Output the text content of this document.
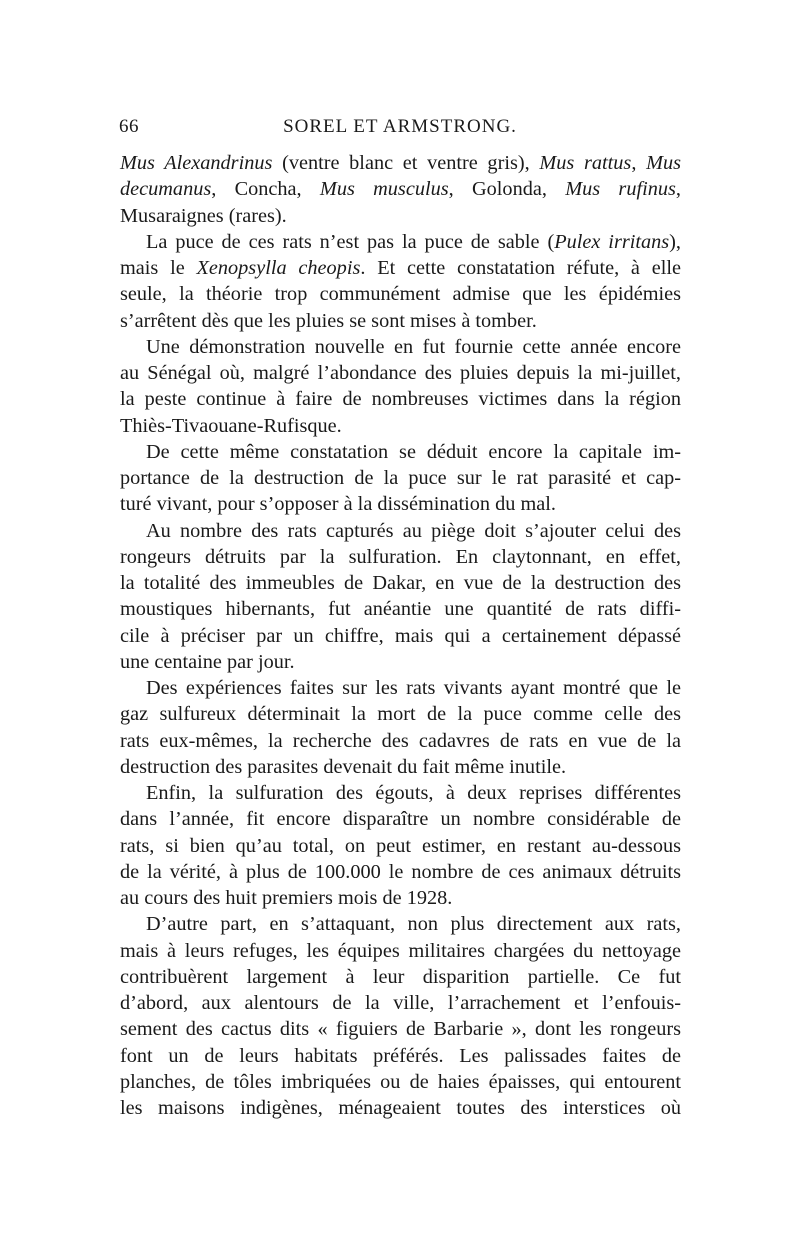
66	SOREL ET ARMSTRONG.
Mus Alexandrinus (ventre blanc et ventre gris), Mus rattus, Mus
decumanus, Concha, Mus musculus, Golonda, Mus rufinus,
Musaraignes (rares).
La puce de ces rats n’est pas la puce de sable (Pulex irritans),
mais le Xenopsylla cheopis. Et cette constatation réfute, à elle
seule, la théorie trop communément admise que les épidémies
s’arrêtent dès que les pluies se sont mises à tomber.
Une démonstration nouvelle en fut fournie cette année encore
au Sénégal où, malgré l’abondance des pluies depuis la mi-juillet,
la peste continue à faire de nombreuses victimes dans la région
Thiès-Tivaouane-Rufisque.
De cette même constatation se déduit encore la capitale im-
portance de la destruction de la puce sur le rat parasité et cap-
turé vivant, pour s’opposer à la dissémination du mal.
Au nombre des rats capturés au piège doit s’ajouter celui des
rongeurs détruits par la sulfuration. En claytonnant, en effet,
la totalité des immeubles de Dakar, en vue de la destruction des
moustiques hibernants, fut anéantie une quantité de rats diffi-
cile à préciser par un chiffre, mais qui a certainement dépassé
une centaine par jour.
Des expériences faites sur les rats vivants ayant montré que le
gaz sulfureux déterminait la mort de la puce comme celle des
rats eux-mêmes, la recherche des cadavres de rats en vue de la
destruction des parasites devenait du fait même inutile.
Enfin, la sulfuration des égouts, à deux reprises différentes
dans l’année, fit encore disparaître un nombre considérable de
rats, si bien qu’au total, on peut estimer, en restant au-dessous
de la vérité, à plus de 100.000 le nombre de ces animaux détruits
au cours des huit premiers mois de 1928.
D’autre part, en s’attaquant, non plus directement aux rats,
mais à leurs refuges, les équipes militaires chargées du nettoyage
contribuèrent largement à leur disparition partielle. Ce fut
d’abord, aux alentours de la ville, l’arrachement et l’enfouis-
sement des cactus dits « figuiers de Barbarie », dont les rongeurs
font un de leurs habitats préférés. Les palissades faites de
planches, de tôles imbriquées ou de haies épaisses, qui entourent
les maisons indigènes, ménageaient toutes des interstices où
